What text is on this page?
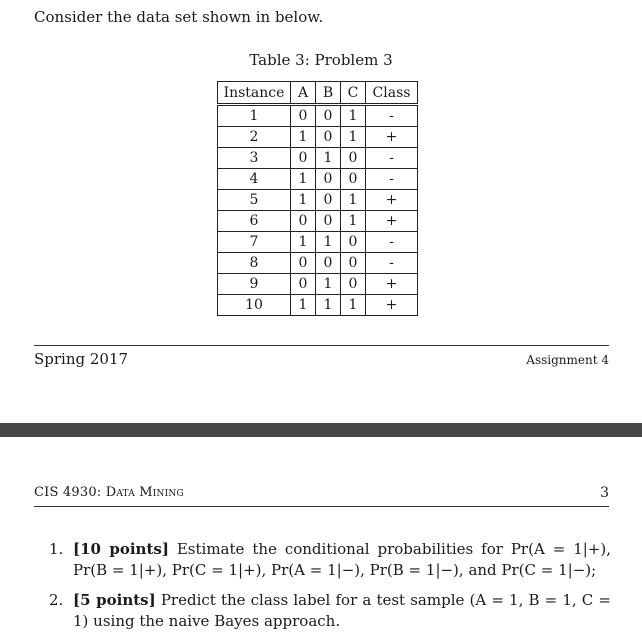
Consider the data set shown in below.
Table 3: Problem 3
Instance	A	B	C	Class
1	0	0	1	-
2	1	0	1	+
3	0	1	0	-
4	1	0	0	-
5	1	0	1	+
6	0	0	1	+
7	1	1	0	-
8	0	0	0	-
9	0	1	0	+
10	1	1	1	+
Spring 2017	Assignment 4
CIS 4930: Data Mining	3
1. [10 points] Estimate the conditional probabilities for Pr(A = 1|+), Pr(B = 1|+), Pr(C = 1|+), Pr(A = 1|−), Pr(B = 1|−), and Pr(C = 1|−);
2. [5 points] Predict the class label for a test sample (A = 1, B = 1, C = 1) using the naive Bayes approach.
